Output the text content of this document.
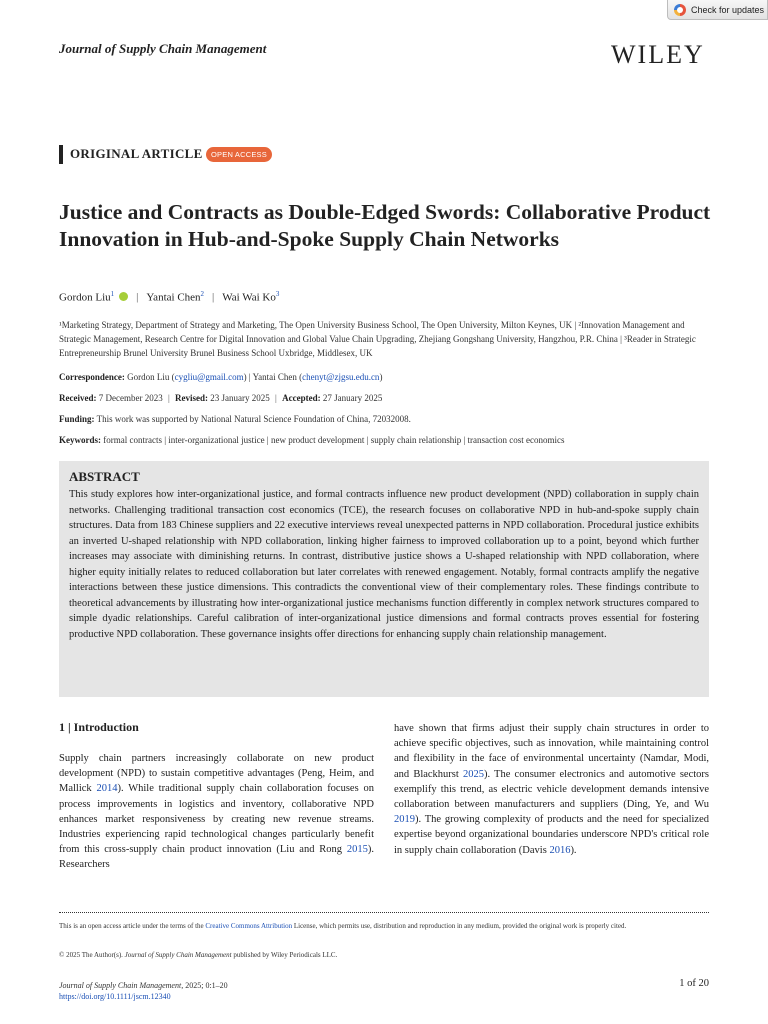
Check for updates
Journal of Supply Chain Management	WILEY
ORIGINAL ARTICLE	OPEN ACCESS
Justice and Contracts as Double-Edged Swords: Collaborative Product Innovation in Hub-and-Spoke Supply Chain Networks
Gordon Liu$^1$ | Yantai Chen$^2$ | Wai Wai Ko$^3$
¹Marketing Strategy, Department of Strategy and Marketing, The Open University Business School, The Open University, Milton Keynes, UK | ²Innovation Management and Strategic Management, Research Centre for Digital Innovation and Global Value Chain Upgrading, Zhejiang Gongshang University, Hangzhou, P.R. China | ³Reader in Strategic Entrepreneurship Brunel University Brunel Business School Uxbridge, Middlesex, UK
Correspondence: Gordon Liu (cygliu@gmail.com) | Yantai Chen (chenyt@zjgsu.edu.cn)
Received: 7 December 2023 | Revised: 23 January 2025 | Accepted: 27 January 2025
Funding: This work was supported by National Natural Science Foundation of China, 72032008.
Keywords: formal contracts | inter-organizational justice | new product development | supply chain relationship | transaction cost economics
ABSTRACT
This study explores how inter-organizational justice, and formal contracts influence new product development (NPD) collaboration in supply chain networks. Challenging traditional transaction cost economics (TCE), the research focuses on collaborative NPD in hub-and-spoke supply chain structures. Data from 183 Chinese suppliers and 22 executive interviews reveal unexpected patterns in NPD collaboration. Procedural justice exhibits an inverted U-shaped relationship with NPD collaboration, linking higher fairness to improved collaboration up to a point, beyond which further increases may associate with diminishing returns. In contrast, distributive justice shows a U-shaped relationship with NPD collaboration, where higher equity initially relates to reduced collaboration but later correlates with renewed engagement. Notably, formal contracts amplify the negative interactions between these justice dimensions. This contradicts the conventional view of their complementary roles. These findings contribute to theoretical advancements by illustrating how inter-organizational justice mechanisms function differently in complex network structures compared to simple dyadic relationships. Careful calibration of inter-organizational justice dimensions and formal contracts proves essential for fostering productive NPD collaboration. These governance insights offer directions for enhancing supply chain relationship management.
1 | Introduction
Supply chain partners increasingly collaborate on new product development (NPD) to sustain competitive advantages (Peng, Heim, and Mallick 2014). While traditional supply chain collaboration focuses on process improvements in logistics and inventory, collaborative NPD enhances market responsiveness by creating new revenue streams. Industries experiencing rapid technological changes particularly benefit from this cross-supply chain product innovation (Liu and Rong 2015). Researchers
have shown that firms adjust their supply chain structures in order to achieve specific objectives, such as innovation, while maintaining control and flexibility in the face of environmental uncertainty (Namdar, Modi, and Blackhurst 2025). The consumer electronics and automotive sectors exemplify this trend, as electric vehicle development demands intensive collaboration between manufacturers and suppliers (Ding, Ye, and Wu 2019). The growing complexity of products and the need for specialized expertise beyond organizational boundaries underscore NPD's critical role in supply chain collaboration (Davis 2016).
This is an open access article under the terms of the Creative Commons Attribution License, which permits use, distribution and reproduction in any medium, provided the original work is properly cited.
© 2025 The Author(s). Journal of Supply Chain Management published by Wiley Periodicals LLC.
Journal of Supply Chain Management, 2025; 0:1–20
https://doi.org/10.1111/jscm.12340
1 of 20
